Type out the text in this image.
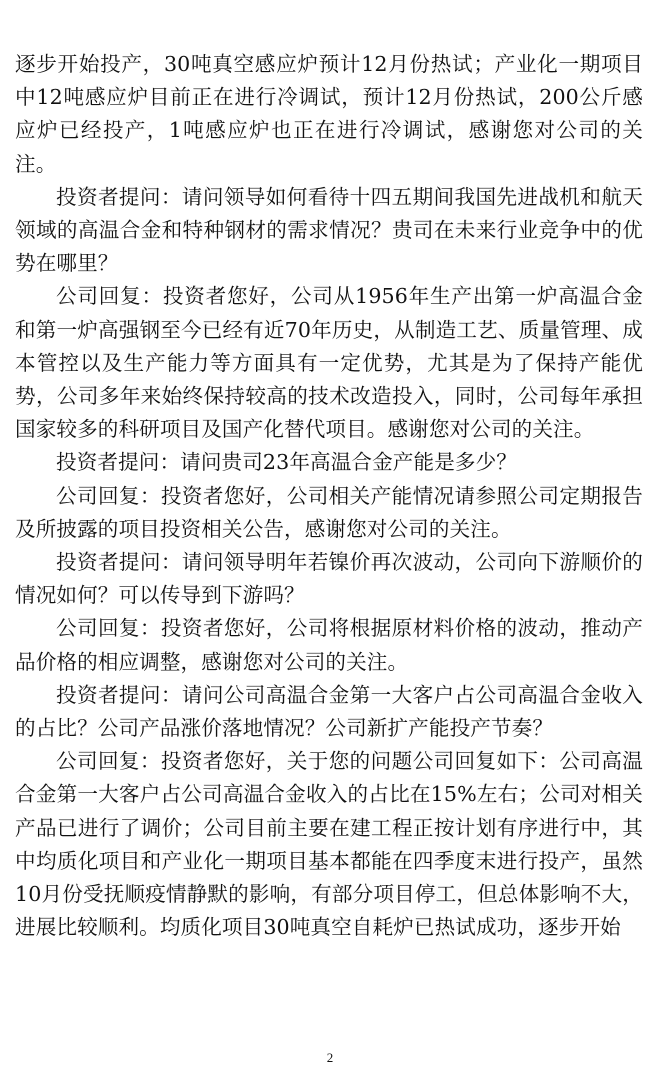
逐步开始投产，30吨真空感应炉预计12月份热试；产业化一期项目中12吨感应炉目前正在进行冷调试，预计12月份热试，200公斤感应炉已经投产，1吨感应炉也正在进行冷调试，感谢您对公司的关注。

投资者提问：请问领导如何看待十四五期间我国先进战机和航天领域的高温合金和特种钢材的需求情况？贵司在未来行业竞争中的优势在哪里？

公司回复：投资者您好，公司从1956年生产出第一炉高温合金和第一炉高强钢至今已经有近70年历史，从制造工艺、质量管理、成本管控以及生产能力等方面具有一定优势，尤其是为了保持产能优势，公司多年来始终保持较高的技术改造投入，同时，公司每年承担国家较多的科研项目及国产化替代项目。感谢您对公司的关注。

投资者提问：请问贵司23年高温合金产能是多少？

公司回复：投资者您好，公司相关产能情况请参照公司定期报告及所披露的项目投资相关公告，感谢您对公司的关注。

投资者提问：请问领导明年若镍价再次波动，公司向下游顺价的情况如何？可以传导到下游吗？

公司回复：投资者您好，公司将根据原材料价格的波动，推动产品价格的相应调整，感谢您对公司的关注。

投资者提问：请问公司高温合金第一大客户占公司高温合金收入的占比？公司产品涨价落地情况？公司新扩产能投产节奏？

公司回复：投资者您好，关于您的问题公司回复如下：公司高温合金第一大客户占公司高温合金收入的占比在15%左右；公司对相关产品已进行了调价；公司目前主要在建工程正按计划有序进行中，其中均质化项目和产业化一期项目基本都能在四季度末进行投产，虽然10月份受抚顺疫情静默的影响，有部分项目停工，但总体影响不大，进展比较顺利。均质化项目30吨真空自耗炉已热试成功，逐步开始

2
